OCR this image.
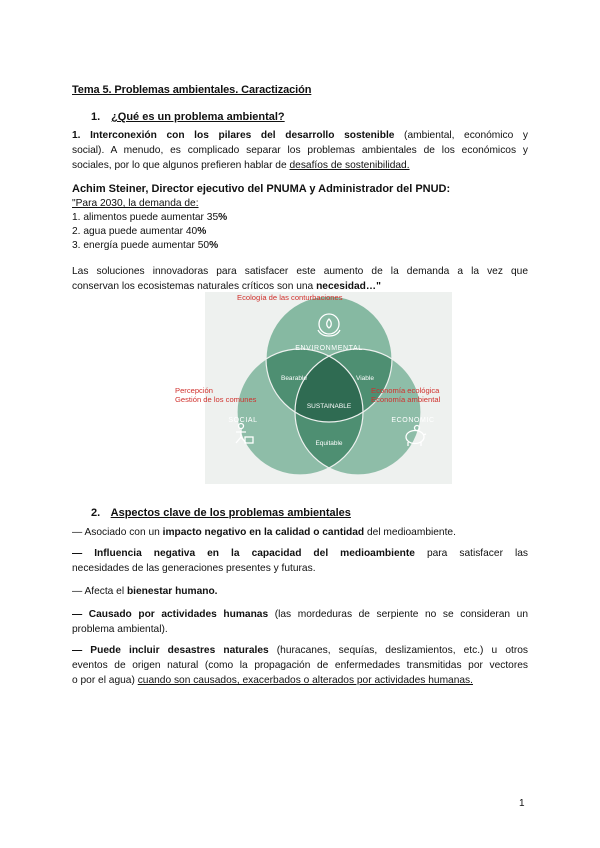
Tema 5. Problemas ambientales. Caractización
1. ¿Qué es un problema ambiental?
1. Interconexión con los pilares del desarrollo sostenible (ambiental, económico y
social). A menudo, es complicado separar los problemas ambientales de los económicos y
sociales, por lo que algunos prefieren hablar de desafíos de sostenibilidad.
Achim Steiner, Director ejecutivo del PNUMA y Administrador del PNUD:
"Para 2030, la demanda de:
1. alimentos puede aumentar 35%
2. agua puede aumentar 40%
3. energía puede aumentar 50%
Las soluciones innovadoras para satisfacer este aumento de la demanda a la vez que
conservan los ecosistemas naturales críticos son una necesidad…"
ENVIRONMENTAL
SOCIAL	ECONOMIC
Bearable	Viable
Equitable
SUSTAINABLE
Ecología de las conturbaciones
Percepción
Gestión de los comunes
Economía ecológica
Economía ambiental
2. Aspectos clave de los problemas ambientales
— Asociado con un impacto negativo en la calidad o cantidad del medioambiente.
— Influencia negativa en la capacidad del medioambiente para satisfacer las
necesidades de las generaciones presentes y futuras.
— Afecta el bienestar humano.
— Causado por actividades humanas (las mordeduras de serpiente no se consideran un
problema ambiental).
— Puede incluir desastres naturales (huracanes, sequías, deslizamientos, etc.) u otros
eventos de origen natural (como la propagación de enfermedades transmitidas por vectores
o por el agua) cuando son causados, exacerbados o alterados por actividades humanas.
1
